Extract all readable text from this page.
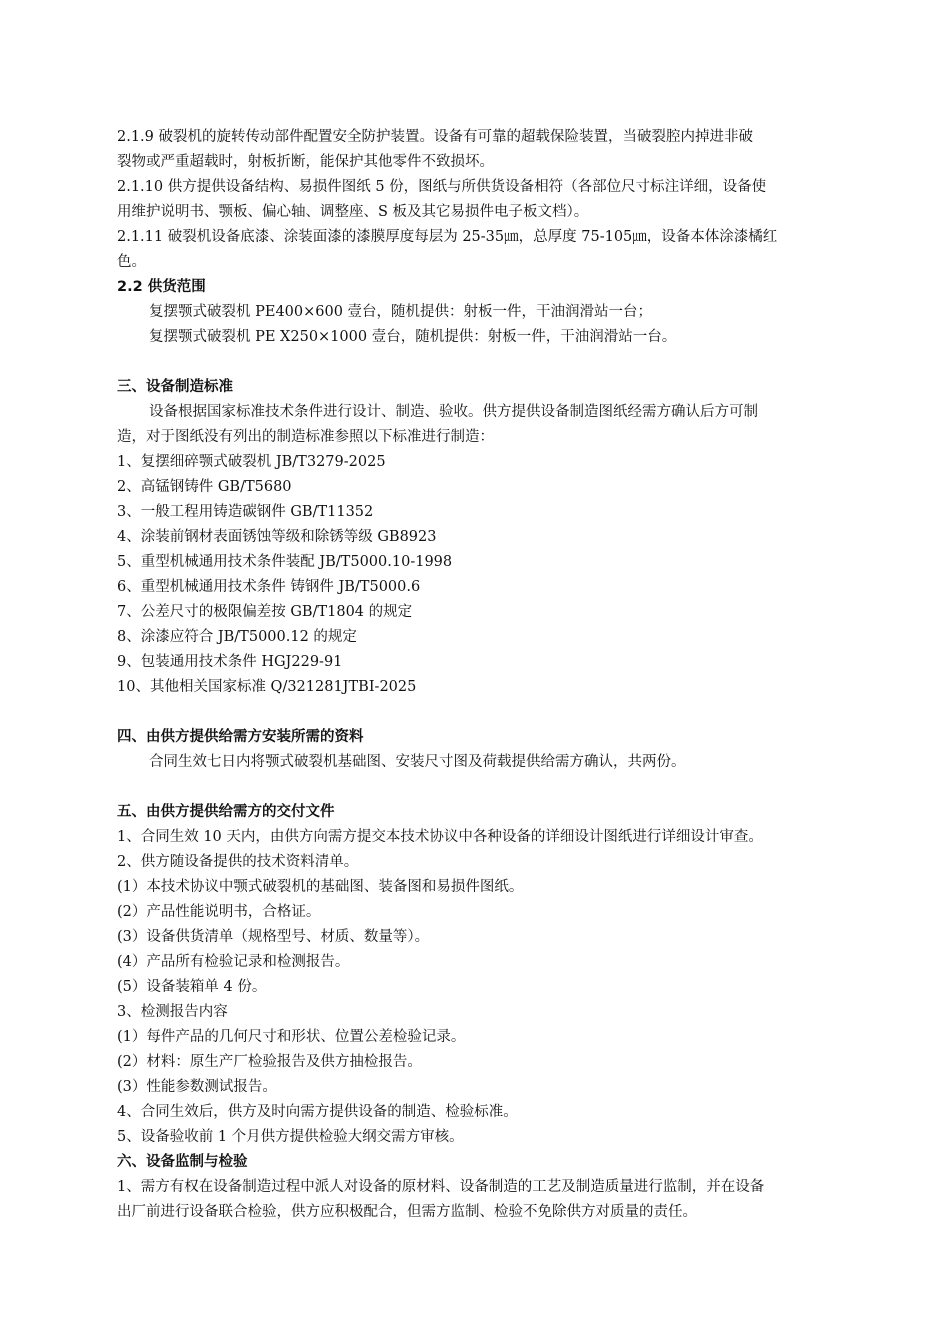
2.1.9 破裂机的旋转传动部件配置安全防护装置。设备有可靠的超载保险装置，当破裂腔内掉进非破
裂物或严重超载时，射板折断，能保护其他零件不致损坏。
2.1.10 供方提供设备结构、易损件图纸 5 份，图纸与所供货设备相符（各部位尺寸标注详细，设备使
用维护说明书、颚板、偏心轴、调整座、S 板及其它易损件电子板文档）。
2.1.11 破裂机设备底漆、涂装面漆的漆膜厚度每层为 25-35㎛，总厚度 75-105㎛，设备本体涂漆橘红
色。
2.2 供货范围
复摆颚式破裂机 PE400×600 壹台，随机提供：射板一件，干油润滑站一台；
复摆颚式破裂机 PE X250×1000 壹台，随机提供：射板一件，干油润滑站一台。
三、设备制造标准
设备根据国家标准技术条件进行设计、制造、验收。供方提供设备制造图纸经需方确认后方可制
造，对于图纸没有列出的制造标准参照以下标准进行制造：
1、复摆细碎颚式破裂机 JB/T3279-2025
2、高锰钢铸件 GB/T5680
3、一般工程用铸造碳钢件 GB/T11352
4、涂装前钢材表面锈蚀等级和除锈等级 GB8923
5、重型机械通用技术条件装配 JB/T5000.10-1998
6、重型机械通用技术条件 铸钢件 JB/T5000.6
7、公差尺寸的极限偏差按 GB/T1804 的规定
8、涂漆应符合 JB/T5000.12 的规定
9、包装通用技术条件 HGJ229-91
10、其他相关国家标准 Q/321281JTBI-2025
四、由供方提供给需方安装所需的资料
合同生效七日内将颚式破裂机基础图、安装尺寸图及荷载提供给需方确认，共两份。
五、由供方提供给需方的交付文件
1、合同生效 10 天内，由供方向需方提交本技术协议中各种设备的详细设计图纸进行详细设计审查。
2、供方随设备提供的技术资料清单。
(1）本技术协议中颚式破裂机的基础图、装备图和易损件图纸。
(2）产品性能说明书，合格证。
(3）设备供货清单（规格型号、材质、数量等）。
(4）产品所有检验记录和检测报告。
(5）设备装箱单 4 份。
3、检测报告内容
(1）每件产品的几何尺寸和形状、位置公差检验记录。
(2）材料：原生产厂检验报告及供方抽检报告。
(3）性能参数测试报告。
4、合同生效后，供方及时向需方提供设备的制造、检验标准。
5、设备验收前 1 个月供方提供检验大纲交需方审核。
六、设备监制与检验
1、需方有权在设备制造过程中派人对设备的原材料、设备制造的工艺及制造质量进行监制，并在设备
出厂前进行设备联合检验，供方应积极配合，但需方监制、检验不免除供方对质量的责任。
